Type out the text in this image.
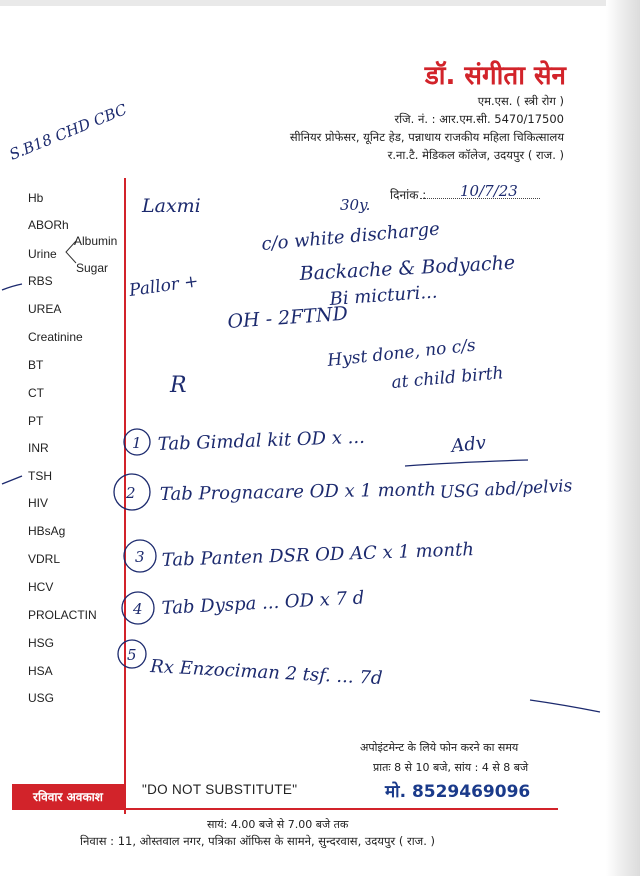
डॉ. संगीता सेन
एम.एस. ( स्त्री रोग )
रजि. नं. : आर.एम.सी. 5470/17500
सीनियर प्रोफेसर, यूनिट हेड, पन्नाधाय राजकीय महिला चिकित्सालय
र.ना.टै. मेडिकल कॉलेज, उदयपुर ( राज. )
दिनांक :
Hb
ABORh
Urine
Albumin
Sugar
RBS
UREA
Creatinine
BT
CT
PT
INR
TSH
HIV
HBsAg
VDRL
HCV
PROLACTIN
HSG
HSA
USG
S.B18 CHD CBC
Laxmi	30y.
10/7/23
c/o white discharge
Pallor +
Backache & Bodyache
Bi micturi...
OH - 2FTND
Hyst done, no c/s
at child birth
R
1 Tab Gimdal kit OD x ...	Adv
2 Tab Prognacare OD x 1 month USG abd/pelvis
3 Tab Panten DSR OD AC x 1 month
4 Tab Dyspa ... OD x 7 d
5
Rx Enzociman 2 tsf. ... 7d
अपोइंटमेन्ट के लिये फोन करने का समय
प्रातः 8 से 10 बजे, सांय : 4 से 8 बजे
मो. 8529469096
रविवार अवकाश	"DO NOT SUBSTITUTE"
सायं: 4.00 बजे से 7.00 बजे तक
निवास : 11, ओस्तवाल नगर, पत्रिका ऑफिस के सामने, सुन्दरवास, उदयपुर ( राज. )
